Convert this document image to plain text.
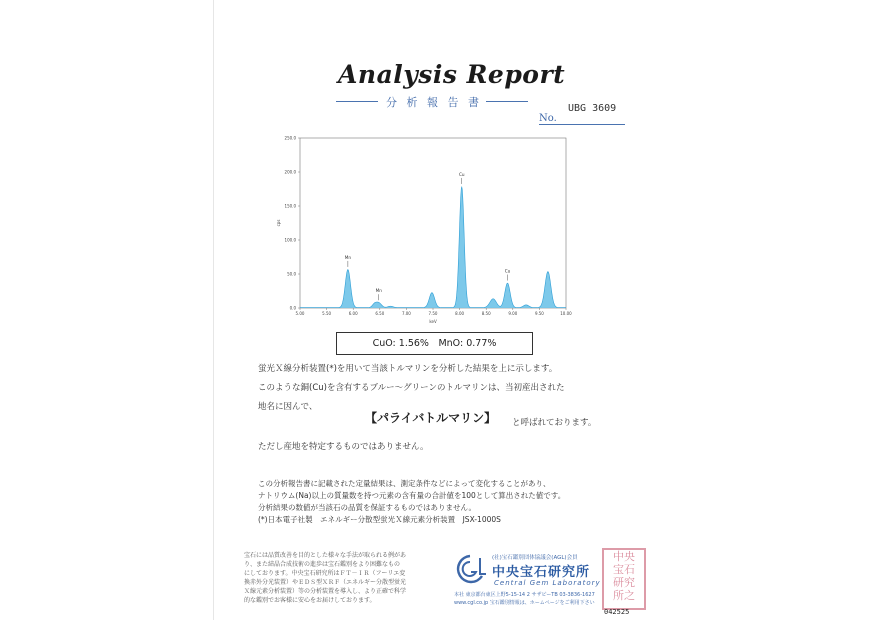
Analysis Report
分 析 報 告 書	UBG 3609
No.
0.0
50.0
100.0
150.0
200.0
250.0
5.00	5.50	6.00	6.50	7.00	7.50	8.00	8.50	9.00	9.50	10.00
keV
cps
Mn
Mn
Cu
Cu
CuO: 1.56%　MnO: 0.77%
蛍光Ｘ線分析装置(*)を用いて当該トルマリンを分析した結果を上に示します。
このような銅(Cu)を含有するブルー～グリーンのトルマリンは、当初産出された
地名に因んで、
【パライバトルマリン】 と呼ばれております。
ただし産地を特定するものではありません。
この分析報告書に記載された定量結果は、測定条件などによって変化することがあり、
ナトリウム(Na)以上の質量数を持つ元素の含有量の合計値を100として算出された値です。
分析結果の数値が当該石の品質を保証するものではありません。
(*)日本電子社製　エネルギー分散型蛍光Ｘ線元素分析装置　JSX-1000S
宝石には品質改善を目的とした様々な手法が取られる例があ
り、また結晶合成技術の進歩は宝石鑑別をより困難なもの
にしております。中央宝石研究所はＦＴ－ＩＲ（フーリエ変
換赤外分光装置）やＥＤＳ型ＸＲＦ（エネルギー分散型蛍光
Ｘ線元素分析装置）等の分析装置を導入し、より正確で科学
的な鑑別でお客様に安心をお届けしております。
(社)宝石鑑別団体協議会(AGL)会員
中央宝石研究所
Central Gem Laboratory
本社 東京都台東区上野5-15-14 2 サザビーTB 03-3836-1627
www.cgl.co.jp 宝石鑑別情報は、ホームページをご利用下さい
中央
宝石
研究
所之
042525
